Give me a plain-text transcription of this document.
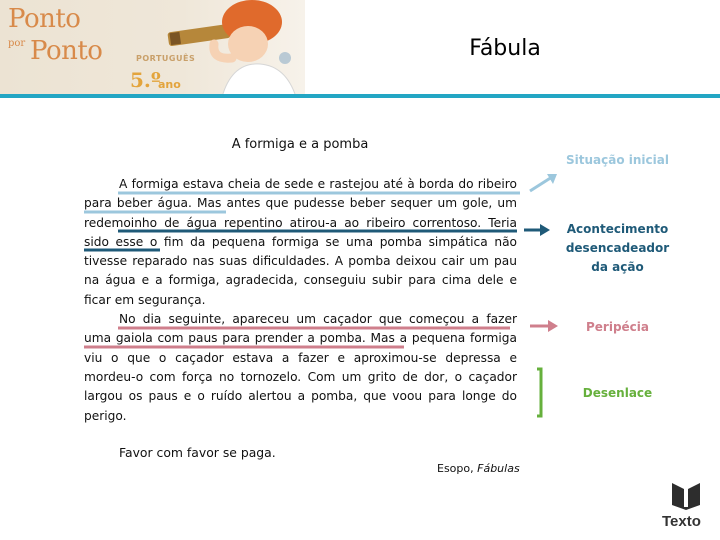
Ponto
por Ponto	PORTUGUÊS
5.º
ano
Fábula
A formiga e a pomba

A formiga estava cheia de sede e rastejou até à borda do ribeiro para beber água. Mas antes que pudesse beber sequer um gole, um redemoinho de água repentino atirou-a ao ribeiro correntoso. Teria sido esse o fim da pequena formiga se uma pomba simpática não tivesse reparado nas suas dificuldades. A pomba deixou cair um pau na água e a formiga, agradecida, conseguiu subir para cima dele e ficar em segurança.

No dia seguinte, apareceu um caçador que começou a fazer uma gaiola com paus para prender a pomba. Mas a pequena formiga viu o que o caçador estava a fazer e aproximou-se depressa e mordeu-o com força no tornozelo. Com um grito de dor, o caçador largou os paus e o ruído alertou a pomba, que voou para longe do perigo.

Favor com favor se paga.
Esopo, Fábulas
Situação inicial
Acontecimento
desencadeador
da ação
Peripécia
Desenlace
Texto
